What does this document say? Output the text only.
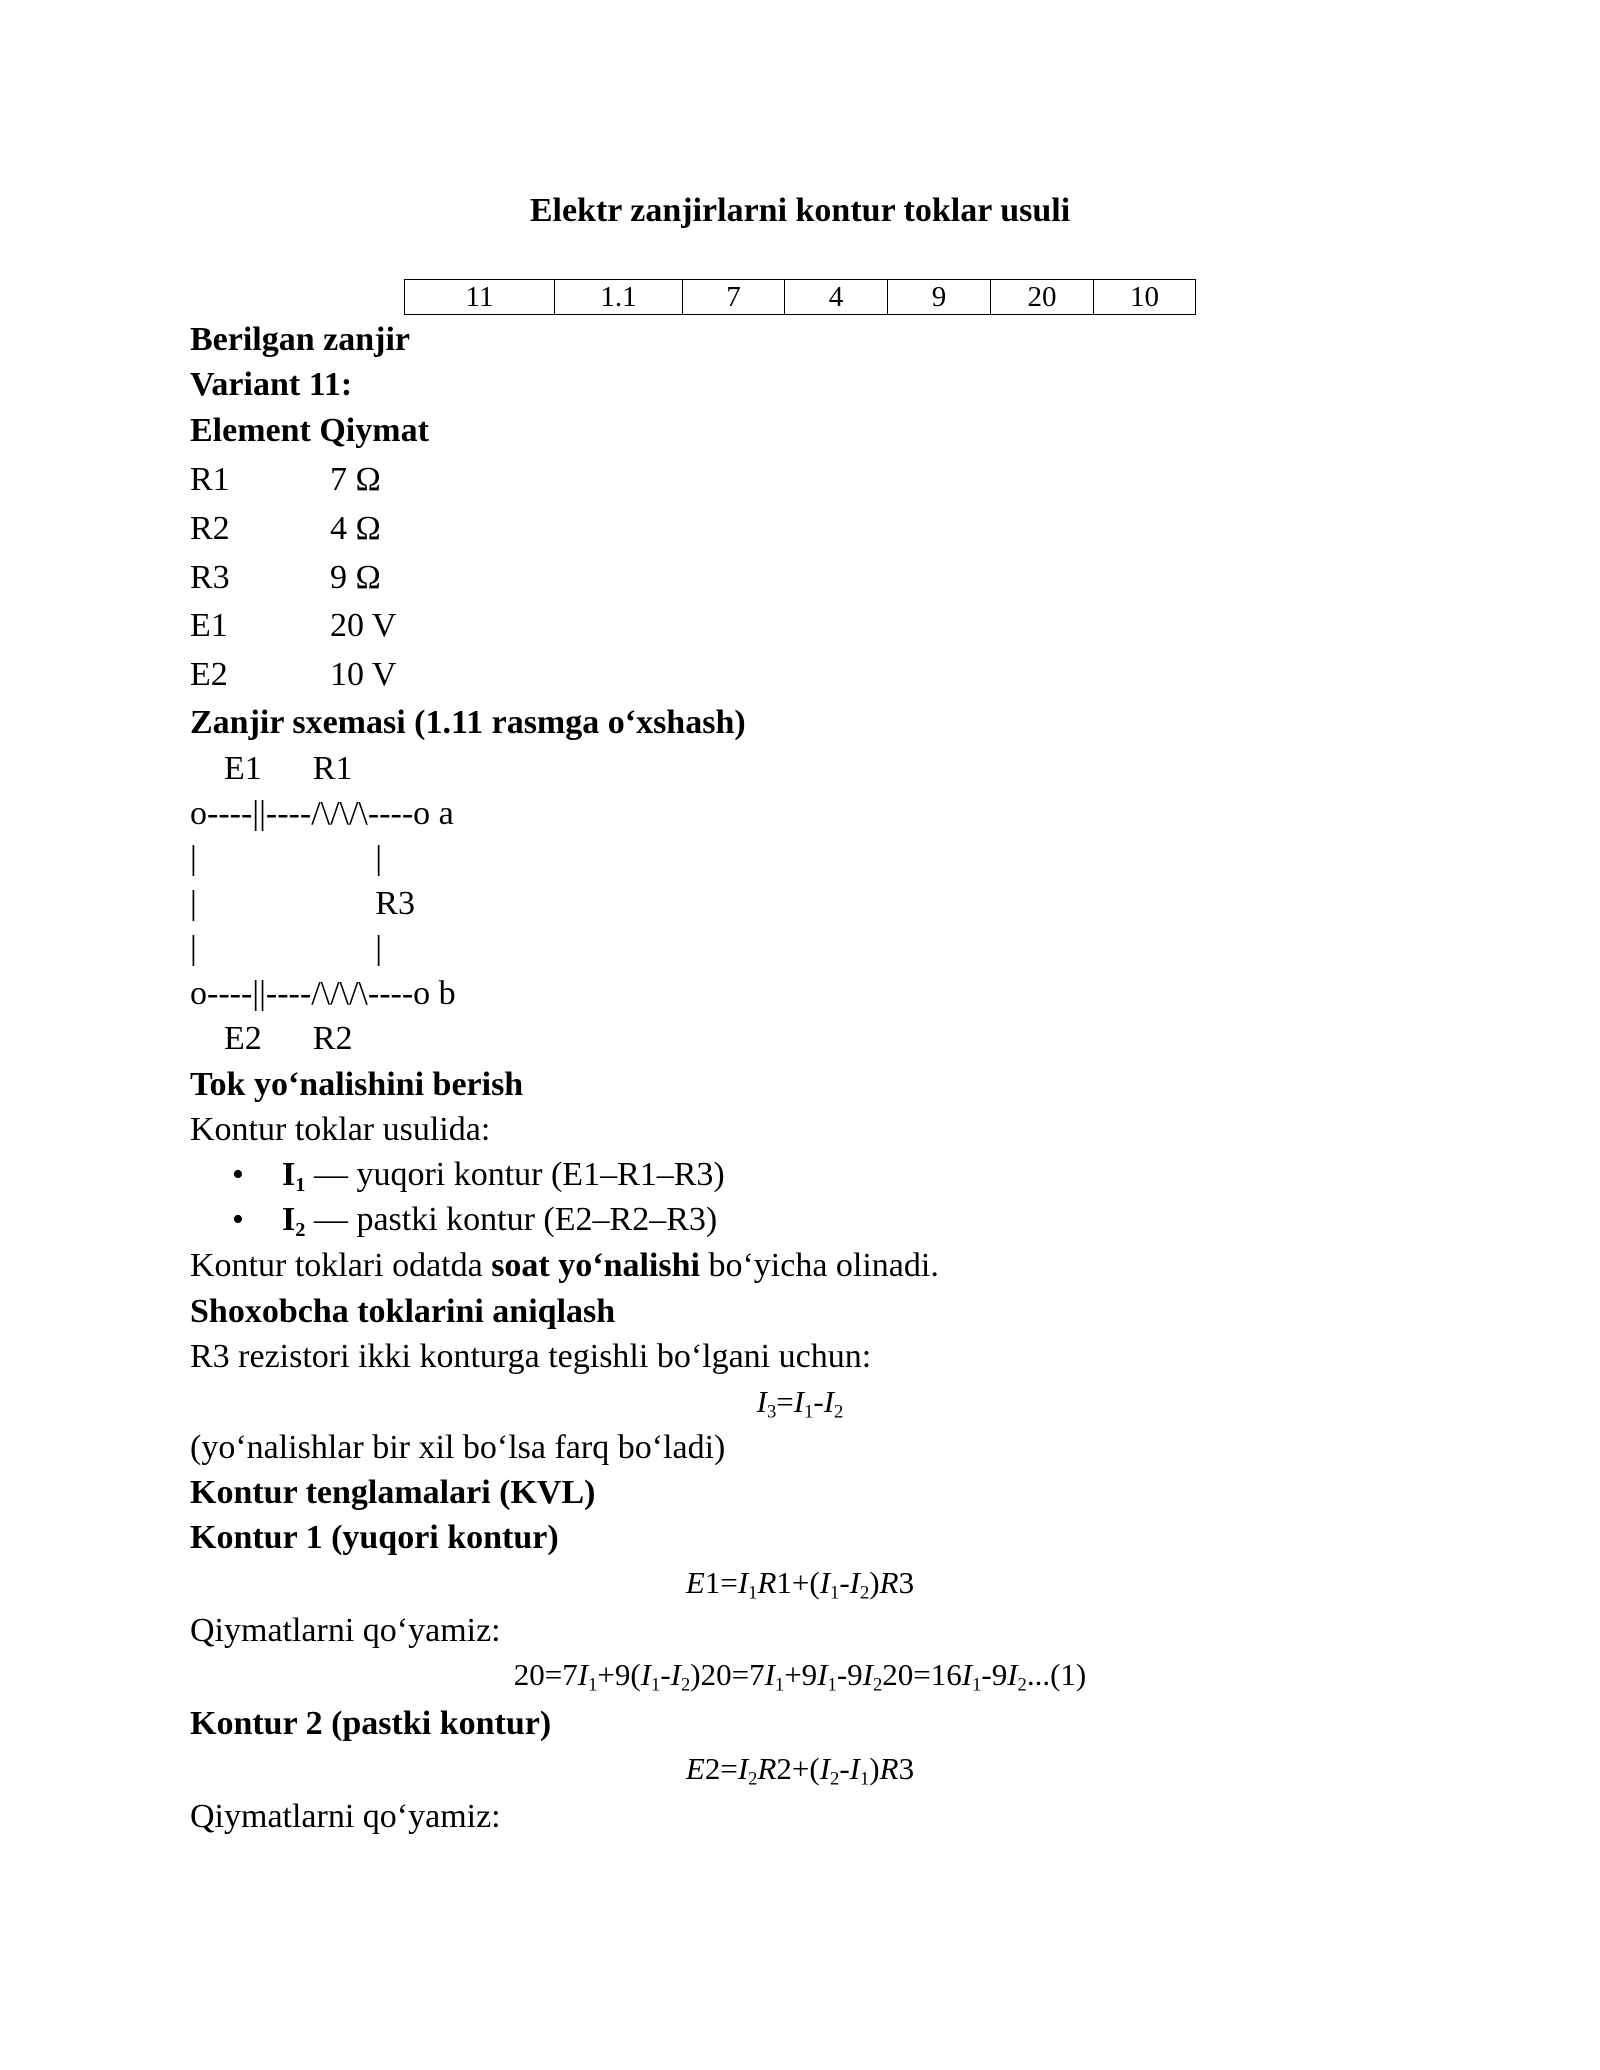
Elektr zanjirlarni kontur toklar usuli
11	1.1	7	4	9	20	10
Berilgan zanjir
Variant 11:
Element Qiymat
R1	7 Ω
R2	4 Ω
R3	9 Ω
E1	20 V
E2	10 V
Zanjir sxemasi (1.11 rasmga o‘xshash)
E1      R1
o----||----/\/\/\----o a
|                     |
|                     R3
|                     |
o----||----/\/\/\----o b
E2      R2
Tok yo‘nalishini berish
Kontur toklar usulida:
• $I_1$ — yuqori kontur (E1–R1–R3)
• $I_2$ — pastki kontur (E2–R2–R3)
Kontur toklari odatda soat yo‘nalishi bo‘yicha olinadi.
Shoxobcha toklarini aniqlash
R3 rezistori ikki konturga tegishli bo‘lgani uchun:
$I_3=I_1-I_2$
(yo‘nalishlar bir xil bo‘lsa farq bo‘ladi)
Kontur tenglamalari (KVL)
Kontur 1 (yuqori kontur)
$E1=I_1R1+(I_1-I_2)R3$
Qiymatlarni qo‘yamiz:
$20=7I_1+9(I_1-I_2)20=7I_1+9I_1-9I_220=16I_1-9I_2...(1)$
Kontur 2 (pastki kontur)
$E2=I_2R2+(I_2-I_1)R3$
Qiymatlarni qo‘yamiz:
